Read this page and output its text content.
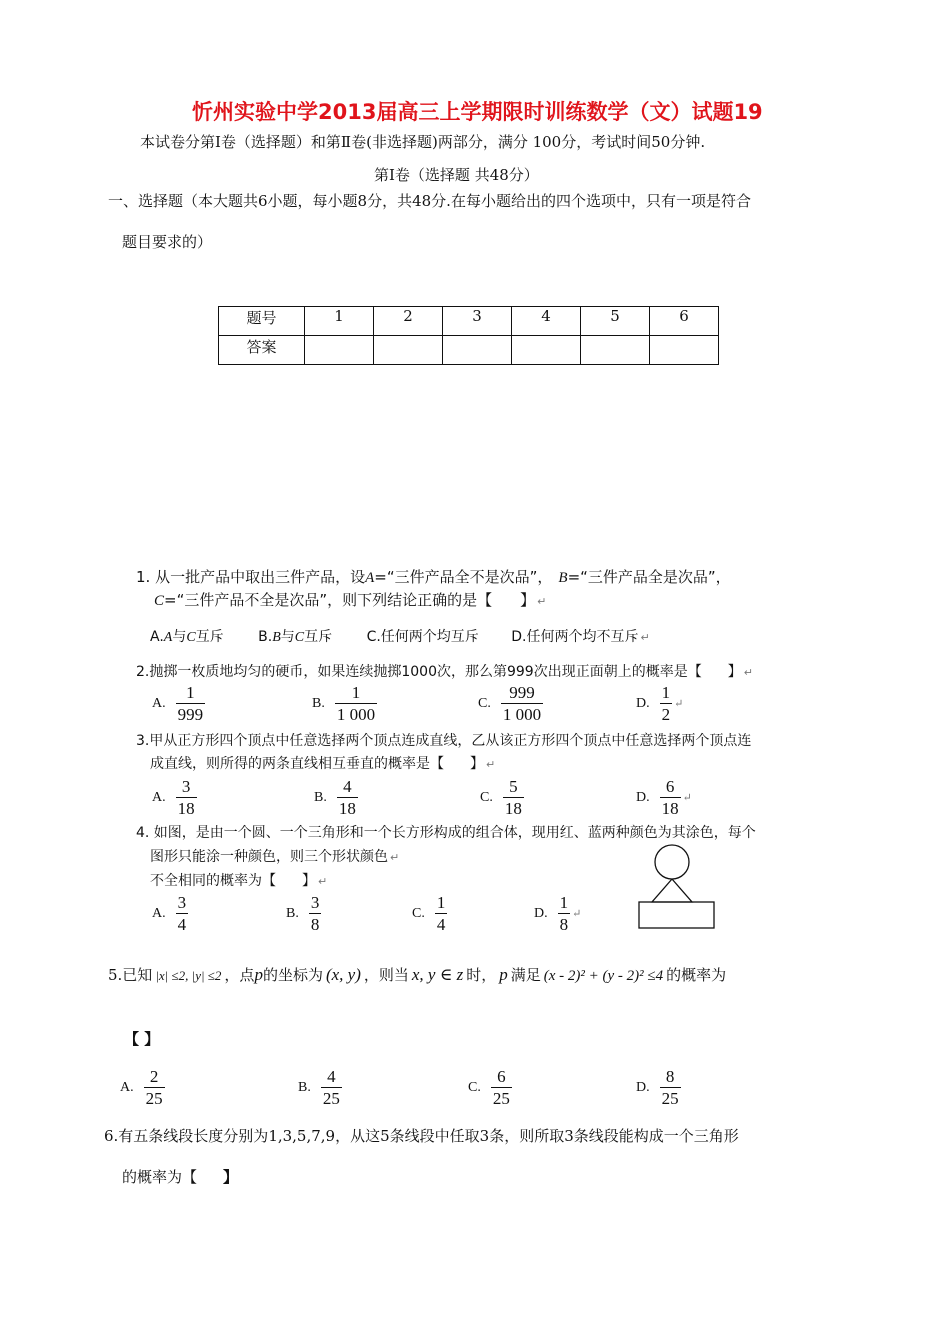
忻州实验中学2013届高三上学期限时训练数学（文）试题19
本试卷分第Ⅰ卷（选择题）和第Ⅱ卷(非选择题)两部分，满分 100分，考试时间50分钟.
第Ⅰ卷（选择题 共48分）
一、选择题（本大题共6小题，每小题8分，共48分.在每小题给出的四个选项中，只有一项是符合
题目要求的）
题号	1	2	3	4	5	6
答案						
1. 从一批产品中取出三件产品，设A=“三件产品全不是次品”， B=“三件产品全是次品”，
C=“三件产品不全是次品”，则下列结论正确的是【 】 ↵
A.A与C互斥 B.B与C互斥 C.任何两个均互斥 D.任何两个均不互斥 ↵
2.抛掷一枚质地均匀的硬币，如果连续抛掷1000次，那么第999次出现正面朝上的概率是【 】 ↵
A. $\frac{1}{999}$	B. $\frac{1}{1 000}$	C. $\frac{999}{1 000}$	D. $\frac{1}{2}$ ↵
3.甲从正方形四个顶点中任意选择两个顶点连成直线，乙从该正方形四个顶点中任意选择两个顶点连
成直线，则所得的两条直线相互垂直的概率是【 】 ↵
A. $\frac{3}{18}$	B. $\frac{4}{18}$	C. $\frac{5}{18}$	D. $\frac{6}{18}$ ↵
4. 如图，是由一个圆、一个三角形和一个长方形构成的组合体，现用红、蓝两种颜色为其涂色，每个
图形只能涂一种颜色，则三个形状颜色 ↵
不全相同的概率为【 】 ↵
A. $\frac{3}{4}$	B. $\frac{3}{8}$	C. $\frac{1}{4}$	D. $\frac{1}{8}$ ↵
5.已知 |x| ≤2, |y| ≤2 ，点p的坐标为 (x, y) ，则当 x, y ∈ z 时， p 满足 (x - 2)² + (y - 2)² ≤4 的概率为
【 】
A. $\frac{2}{25}$	B. $\frac{4}{25}$	C. $\frac{6}{25}$	D. $\frac{8}{25}$
6.有五条线段长度分别为1,3,5,7,9，从这5条线段中任取3条，则所取3条线段能构成一个三角形
的概率为【 】
